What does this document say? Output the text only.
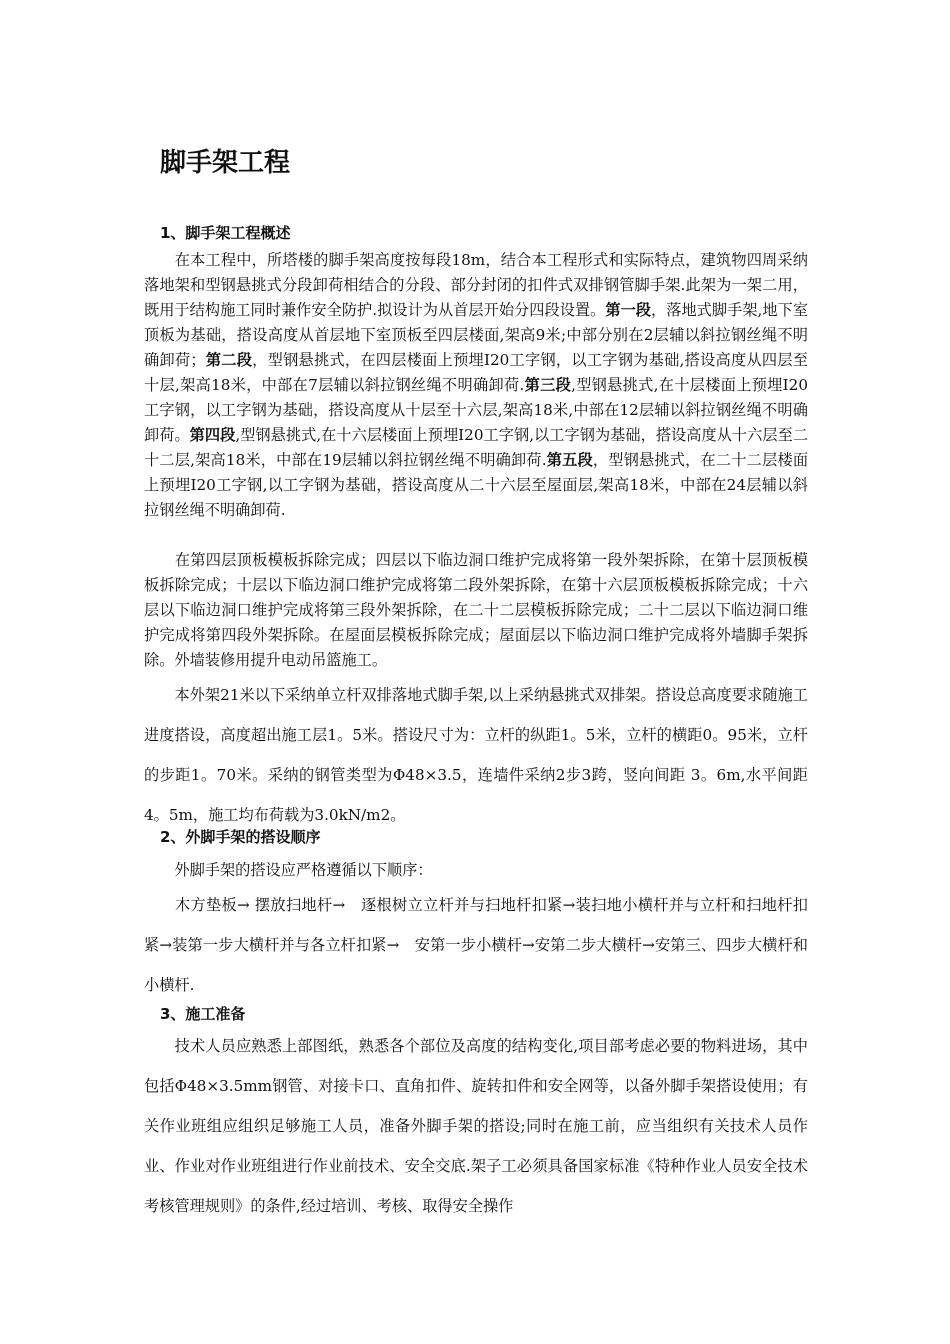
脚手架工程
1、脚手架工程概述

　　在本工程中，所塔楼的脚手架高度按每段18m，结合本工程形式和实际特点，建筑物四周采纳落地架和型钢悬挑式分段卸荷相结合的分段、部分封闭的扣件式双排钢管脚手架.此架为一架二用，既用于结构施工同时兼作安全防护.拟设计为从首层开始分四段设置。第一段，落地式脚手架,地下室顶板为基础，搭设高度从首层地下室顶板至四层楼面,架高9米;中部分别在2层辅以斜拉钢丝绳不明确卸荷；第二段，型钢悬挑式，在四层楼面上预埋I20工字钢，以工字钢为基础,搭设高度从四层至十层,架高18米，中部在7层辅以斜拉钢丝绳不明确卸荷.第三段,型钢悬挑式,在十层楼面上预埋I20工字钢，以工字钢为基础，搭设高度从十层至十六层,架高18米,中部在12层辅以斜拉钢丝绳不明确卸荷。第四段,型钢悬挑式,在十六层楼面上预埋I20工字钢,以工字钢为基础，搭设高度从十六层至二十二层,架高18米，中部在19层辅以斜拉钢丝绳不明确卸荷.第五段，型钢悬挑式，在二十二层楼面上预埋I20工字钢,以工字钢为基础，搭设高度从二十六层至屋面层,架高18米，中部在24层辅以斜拉钢丝绳不明确卸荷.

　　在第四层顶板模板拆除完成；四层以下临边洞口维护完成将第一段外架拆除，在第十层顶板模板拆除完成；十层以下临边洞口维护完成将第二段外架拆除，在第十六层顶板模板拆除完成；十六层以下临边洞口维护完成将第三段外架拆除，在二十二层模板拆除完成；二十二层以下临边洞口维护完成将第四段外架拆除。在屋面层模板拆除完成；屋面层以下临边洞口维护完成将外墙脚手架拆除。外墙装修用提升电动吊篮施工。

　　本外架21米以下采纳单立杆双排落地式脚手架,以上采纳悬挑式双排架。搭设总高度要求随施工进度搭设，高度超出施工层1。5米。搭设尺寸为：立杆的纵距1。5米，立杆的横距0。95米，立杆的步距1。70米。采纳的钢管类型为Φ48×3.5，连墙件采纳2步3跨，竖向间距 3。6m,水平间距4。5m，施工均布荷载为3.0kN/m2。

2、外脚手架的搭设顺序

　　外脚手架的搭设应严格遵循以下顺序：

　　木方垫板→ 摆放扫地杆→　逐根树立立杆并与扫地杆扣紧→装扫地小横杆并与立杆和扫地杆扣紧→装第一步大横杆并与各立杆扣紧→　安第一步小横杆→安第二步大横杆→安第三、四步大横杆和小横杆.

3、施工准备

　　技术人员应熟悉上部图纸，熟悉各个部位及高度的结构变化,项目部考虑必要的物料进场，其中包括Φ48×3.5mm钢管、对接卡口、直角扣件、旋转扣件和安全网等，以备外脚手架搭设使用；有关作业班组应组织足够施工人员，准备外脚手架的搭设;同时在施工前，应当组织有关技术人员作业、作业对作业班组进行作业前技术、安全交底.架子工必须具备国家标准《特种作业人员安全技术考核管理规则》的条件,经过培训、考核、取得安全操作
